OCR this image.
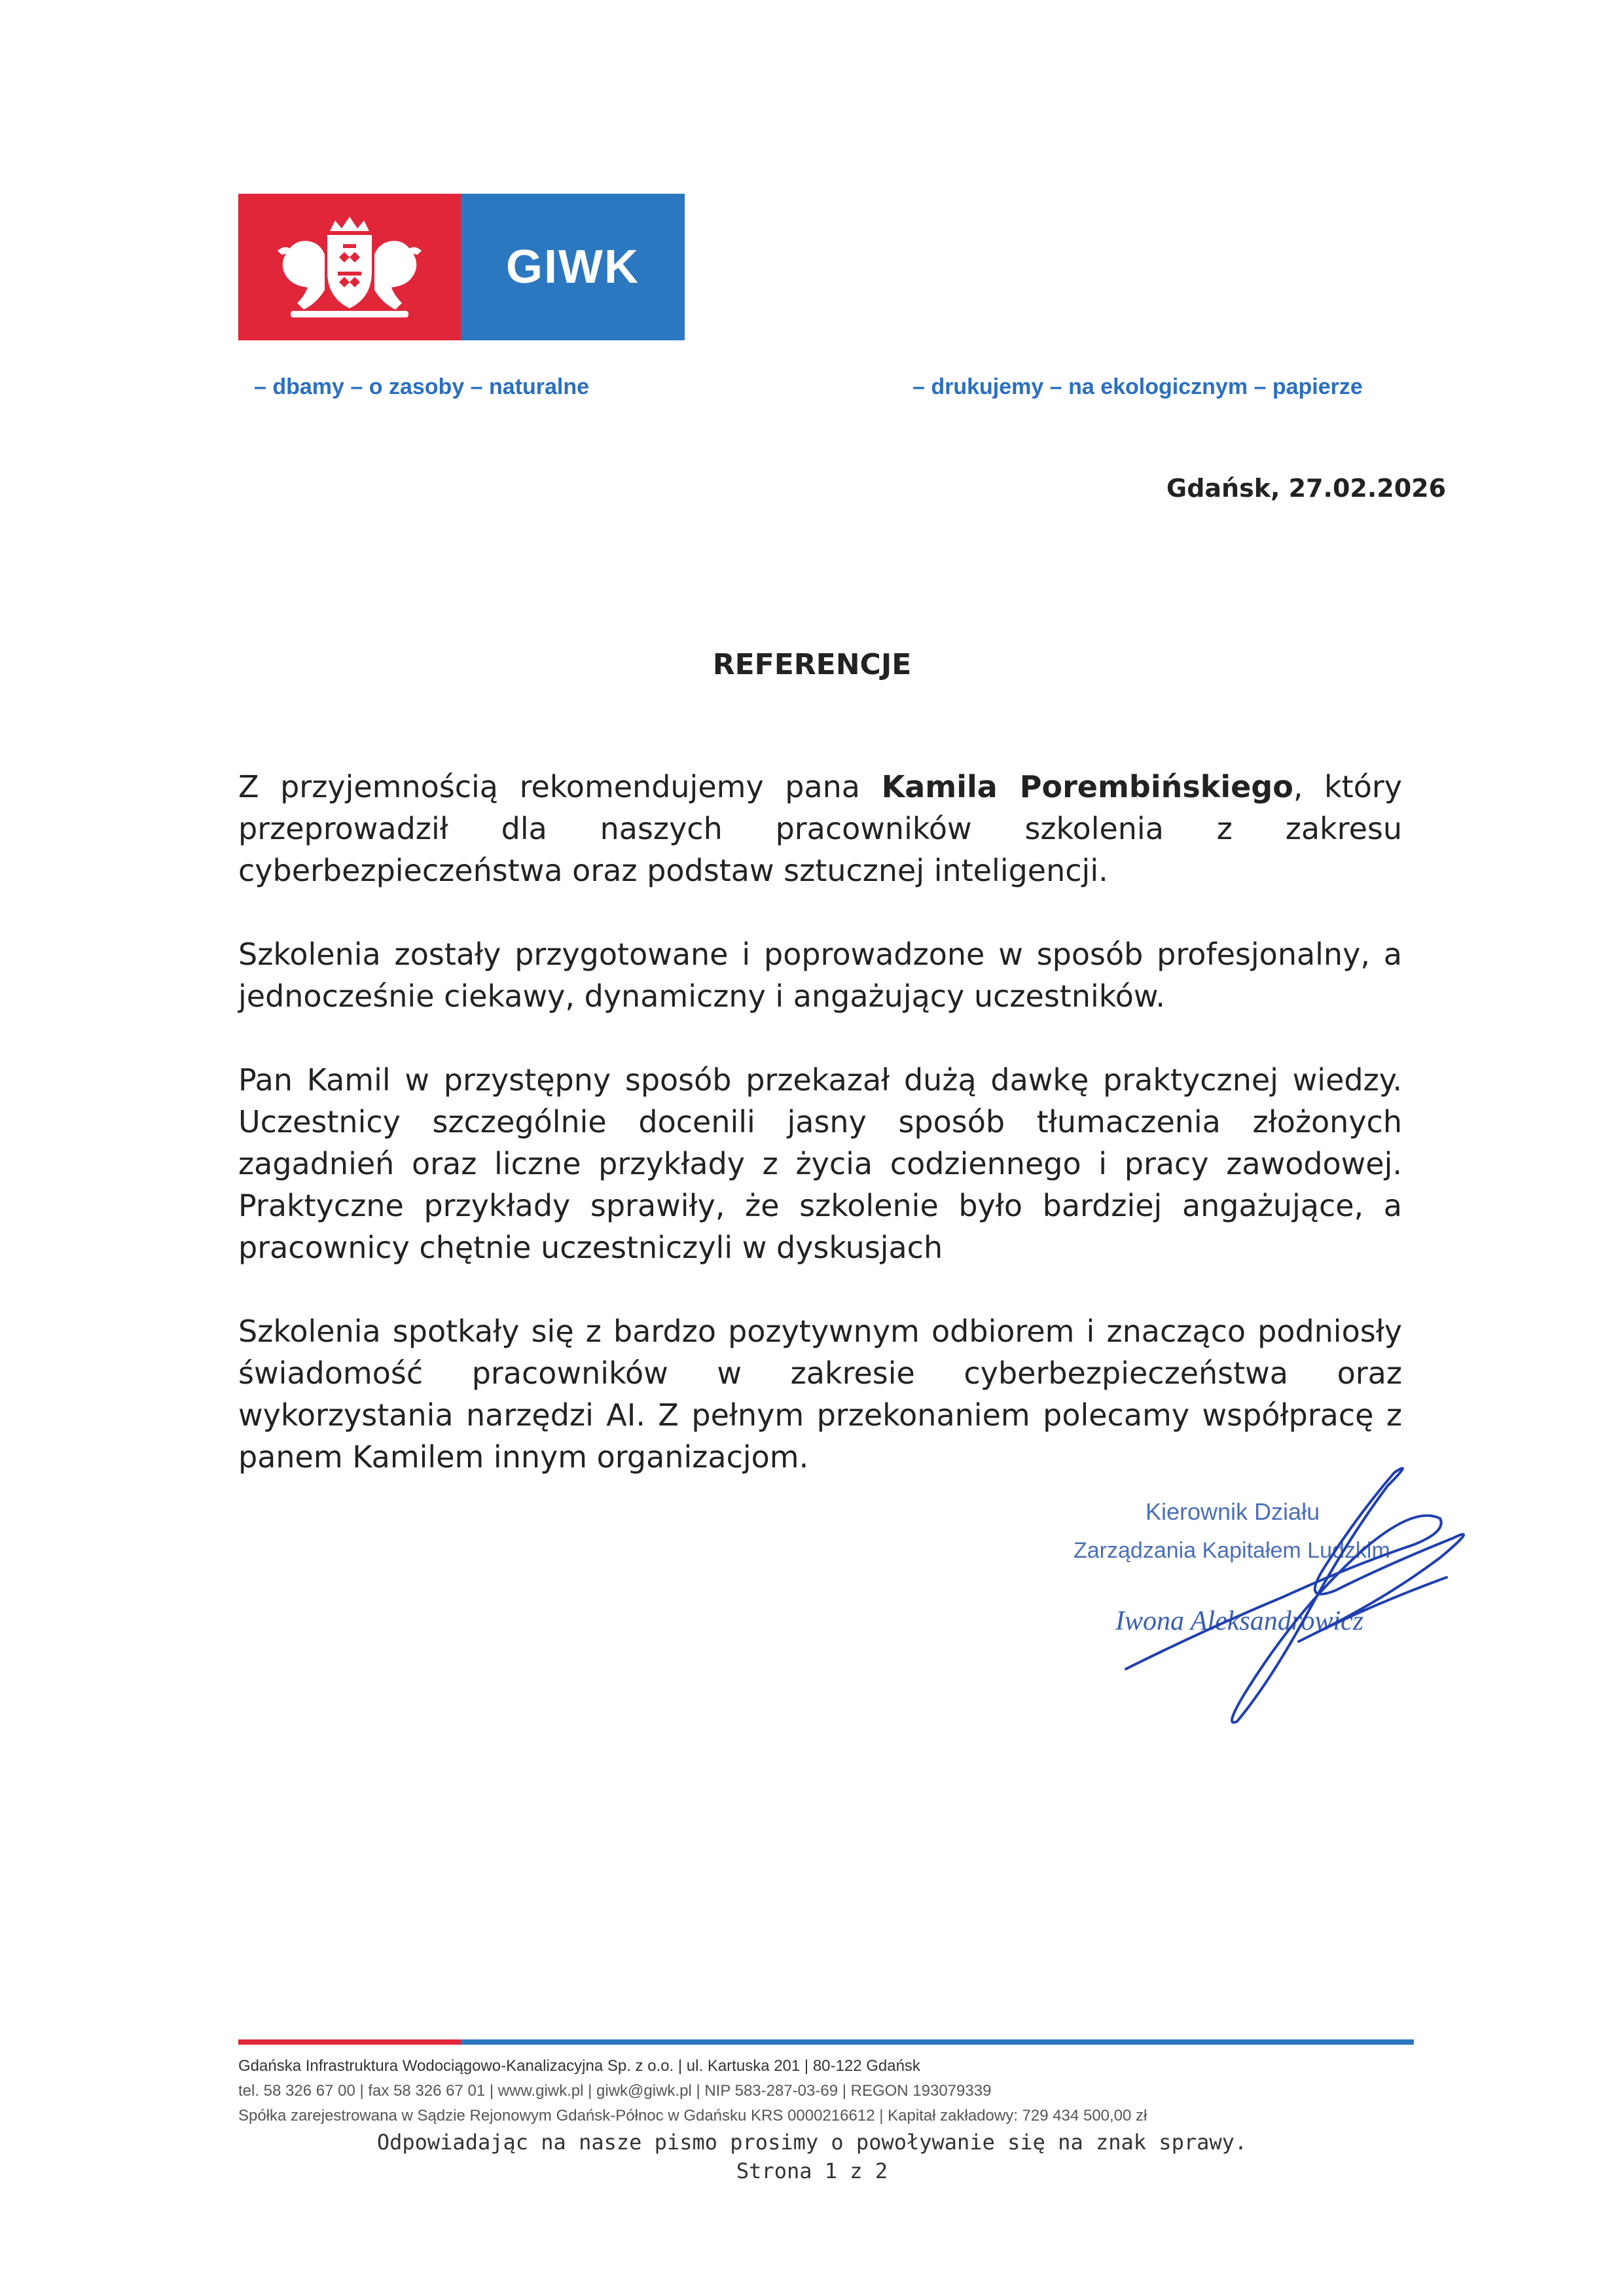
GIWK
– dbamy – o zasoby – naturalne	– drukujemy – na ekologicznym – papierze
Gdańsk, 27.02.2026
REFERENCJE

Z przyjemnością rekomendujemy pana Kamila Porembińskiego, który przeprowadził dla naszych pracowników szkolenia z zakresu cyberbezpieczeństwa oraz podstaw sztucznej inteligencji.

Szkolenia zostały przygotowane i poprowadzone w sposób profesjonalny, a jednocześnie ciekawy, dynamiczny i angażujący uczestników.

Pan Kamil w przystępny sposób przekazał dużą dawkę praktycznej wiedzy. Uczestnicy szczególnie docenili jasny sposób tłumaczenia złożonych zagadnień oraz liczne przykłady z życia codziennego i pracy zawodowej. Praktyczne przykłady sprawiły, że szkolenie było bardziej angażujące, a pracownicy chętnie uczestniczyli w dyskusjach

Szkolenia spotkały się z bardzo pozytywnym odbiorem i znacząco podniosły świadomość pracowników w zakresie cyberbezpieczeństwa oraz wykorzystania narzędzi AI. Z pełnym przekonaniem polecamy współpracę z panem Kamilem innym organizacjom.

Kierownik Działu
Zarządzania Kapitałem Ludzkim
Iwona Aleksandrowicz
Gdańska Infrastruktura Wodociągowo-Kanalizacyjna Sp. z o.o. | ul. Kartuska 201 | 80-122 Gdańsk
tel. 58 326 67 00 | fax 58 326 67 01 | www.giwk.pl | giwk@giwk.pl | NIP 583-287-03-69 | REGON 193079339
Spółka zarejestrowana w Sądzie Rejonowym Gdańsk-Północ w Gdańsku KRS 0000216612 | Kapitał zakładowy: 729 434 500,00 zł
Odpowiadając na nasze pismo prosimy o powoływanie się na znak sprawy.
Strona 1 z 2
